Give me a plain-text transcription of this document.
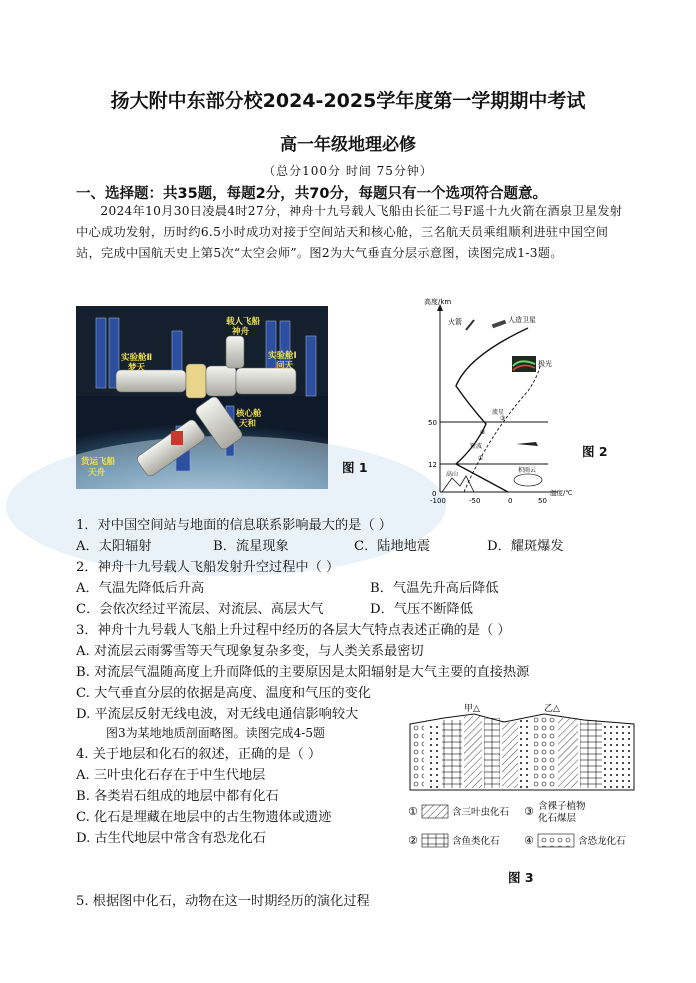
扬大附中东部分校2024-2025学年度第一学期期中考试
高一年级地理必修
（总分100分 时间 75分钟）
一、选择题：共35题，每题2分，共70分，每题只有一个选项符合题意。
2024年10月30日凌晨4时27分，神舟十九号载人飞船由长征二号F遥十九火箭在酒泉卫星发射中心成功发射，历时约6.5小时成功对接于空间站天和核心舱，三名航天员乘组顺利进驻中国空间站，完成中国航天史上第5次“太空会师”。图2为大气垂直分层示意图，读图完成1-3题。
实验舱Ⅱ
梦天
载人飞船
神舟
实验舱Ⅰ
问天
核心舱
天和
货运飞船
天舟	图 1
高度/km
50
12
0
-100	-50	0	50
温度/℃
火箭	人造卫星
极光
流星
短波
①
②
③
积雨云
高山
图 2
1．对中国空间站与地面的信息联系影响最大的是（ ）
A．太阳辐射	B．流星现象	C．陆地地震	D．耀斑爆发
2．神舟十九号载人飞船发射升空过程中（ ）
A．气温先降低后升高	B．气温先升高后降低
C．会依次经过平流层、对流层、高层大气	D．气压不断降低
3．神舟十九号载人飞船上升过程中经历的各层大气特点表述正确的是（ ）
A. 对流层云雨雾雪等天气现象复杂多变，与人类关系最密切
B. 对流层气温随高度上升而降低的主要原因是太阳辐射是大气主要的直接热源
C. 大气垂直分层的依据是高度、温度和气压的变化
D. 平流层反射无线电波，对无线电通信影响较大
图3为某地地质剖面略图。读图完成4-5题
4. 关于地层和化石的叙述，正确的是（ ）
A. 三叶虫化石存在于中生代地层
B. 各类岩石组成的地层中都有化石
C. 化石是埋藏在地层中的古生物遗体或遗迹
D. 古生代地层中常含有恐龙化石
5. 根据图中化石，动物在这一时期经历的演化过程
甲△	乙△
①	含三叶虫化石 ③ 含裸子植物
化石煤层
②	含鱼类化石 ④	含恐龙化石
图 3
